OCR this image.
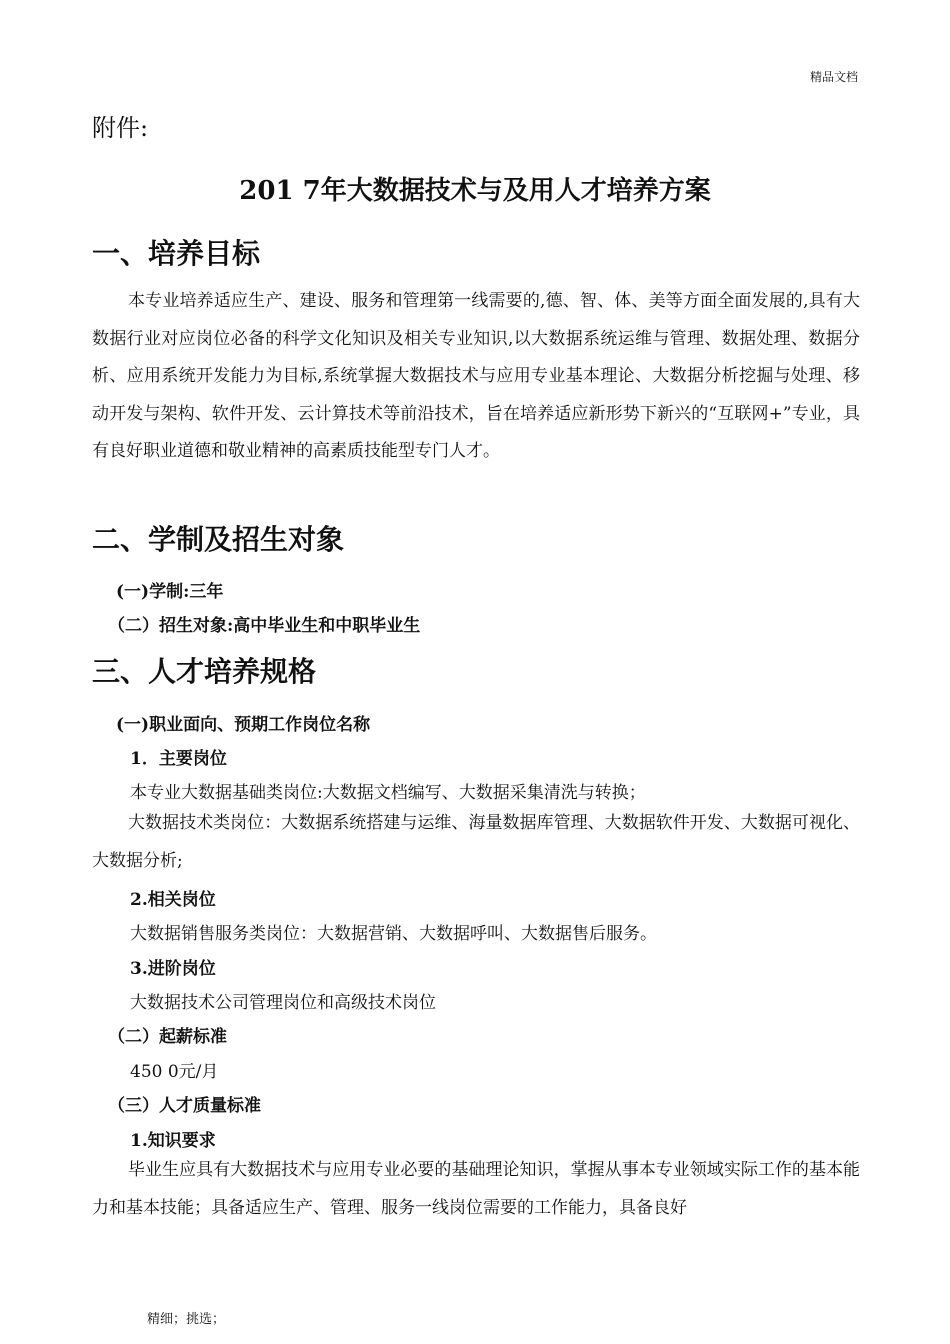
精品文档
附件:
201 7年大数据技术与及用人才培养方案
一、培养目标
本专业培养适应生产、建设、服务和管理第一线需要的,德、智、体、美等方面全面发展的,具有大数据行业对应岗位必备的科学文化知识及相关专业知识,以大数据系统运维与管理、数据处理、数据分析、应用系统开发能力为目标,系统掌握大数据技术与应用专业基本理论、大数据分析挖掘与处理、移动开发与架构、软件开发、云计算技术等前沿技术，旨在培养适应新形势下新兴的“互联网+”专业，具有良好职业道德和敬业精神的高素质技能型专门人才。
二、学制及招生对象
(一)学制:三年
（二）招生对象:高中毕业生和中职毕业生
三、人才培养规格
(一)职业面向、预期工作岗位名称
1．主要岗位
本专业大数据基础类岗位:大数据文档编写、大数据采集清洗与转换；
大数据技术类岗位：大数据系统搭建与运维、海量数据库管理、大数据软件开发、大数据可视化、大数据分析;
2.相关岗位
大数据销售服务类岗位：大数据营销、大数据呼叫、大数据售后服务。
3.进阶岗位
大数据技术公司管理岗位和高级技术岗位
（二）起薪标准
450 0元/月
（三）人才质量标准
1.知识要求
毕业生应具有大数据技术与应用专业必要的基础理论知识，掌握从事本专业领域实际工作的基本能力和基本技能；具备适应生产、管理、服务一线岗位需要的工作能力，具备良好
精细；挑选；
